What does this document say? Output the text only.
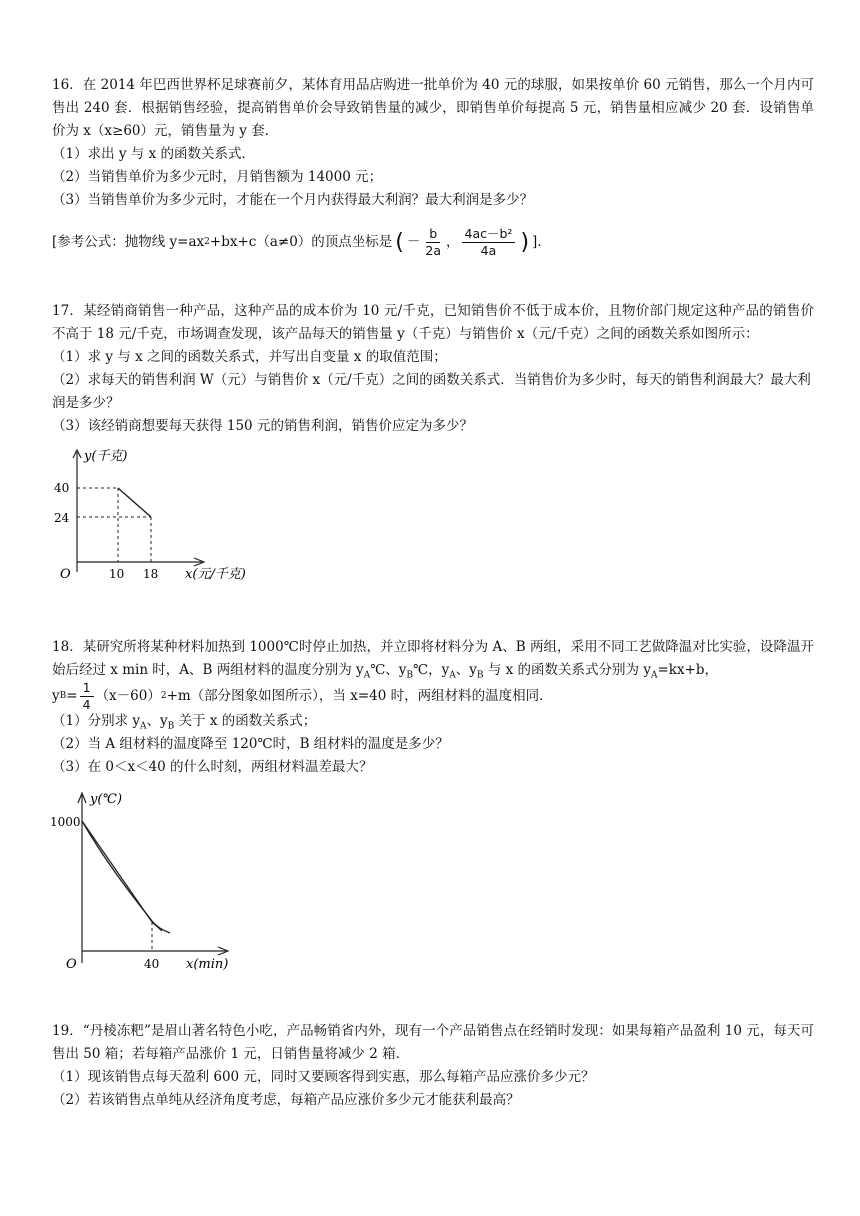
16．在 2014 年巴西世界杯足球赛前夕，某体育用品店购进一批单价为 40 元的球服，如果按单价 60 元销售，那么一个月内可售出 240 套．根据销售经验，提高销售单价会导致销售量的减少，即销售单价每提高 5 元，销售量相应减少 20 套．设销售单价为 x（x≥60）元，销售量为 y 套．

（1）求出 y 与 x 的函数关系式．

（2）当销售单价为多少元时，月销售额为 14000 元；

（3）当销售单价为多少元时，才能在一个月内获得最大利润？最大利润是多少？

[参考公式：抛物线 y=ax 2 +bx+c（a≠0）的顶点坐标是 ( － $\frac{b}{2a}$ ， $\frac{\text{4ac－b²}}{4a}$ ) ]．

17．某经销商销售一种产品，这种产品的成本价为 10 元/千克，已知销售价不低于成本价，且物价部门规定这种产品的销售价不高于 18 元/千克，市场调查发现，该产品每天的销售量 y（千克）与销售价 x（元/千克）之间的函数关系如图所示：

（1）求 y 与 x 之间的函数关系式，并写出自变量 x 的取值范围；

（2）求每天的销售利润 W（元）与销售价 x（元/千克）之间的函数关系式．当销售价为多少时，每天的销售利润最大？最大利润是多少？

（3）该经销商想要每天获得 150 元的销售利润，销售价应定为多少？

y(千克)
40
24
O	10 18 x(元/千克)

18．某研究所将某种材料加热到 1000℃时停止加热，并立即将材料分为 A、B 两组，采用不同工艺做降温对比实验，设降温开始后经过 x min 时，A、B 两组材料的温度分别为 $y_A℃$、$y_B℃$，$y_A$、$y_B$ 与 x 的函数关系式分别为 $y_A=kx+b$，

y $B = \frac{1}{4} (x-60)$ 2 +m（部分图象如图所示），当 x=40 时，两组材料的温度相同．

（1）分别求 $y_A$、$y_B$ 关于 x 的函数关系式；

（2）当 A 组材料的温度降至 120℃时，B 组材料的温度是多少？

（3）在 0＜x＜40 的什么时刻，两组材料温差最大？

y(℃)
1000
O	40 x(min)

19．“丹棱冻粑”是眉山著名特色小吃，产品畅销省内外，现有一个产品销售点在经销时发现：如果每箱产品盈利 10 元，每天可售出 50 箱；若每箱产品涨价 1 元，日销售量将减少 2 箱．

（1）现该销售点每天盈利 600 元，同时又要顾客得到实惠，那么每箱产品应涨价多少元？

（2）若该销售点单纯从经济角度考虑，每箱产品应涨价多少元才能获利最高？
